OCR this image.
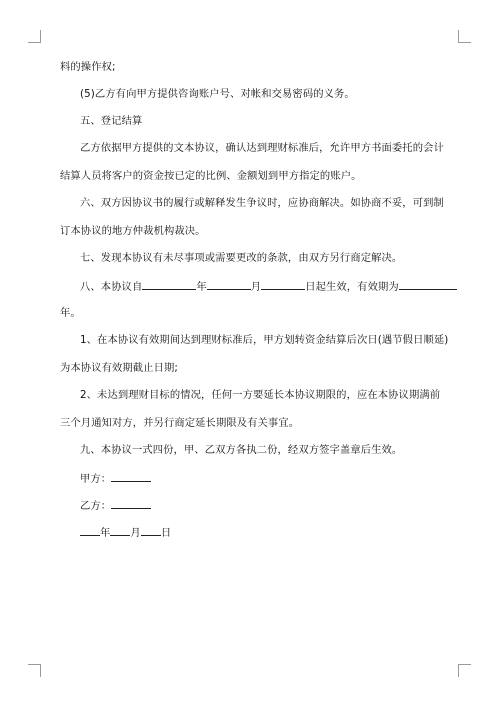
料的操作权;
(5)乙方有向甲方提供咨询账户号、对帐和交易密码的义务。
五、登记结算
乙方依据甲方提供的文本协议，确认达到理财标准后，允许甲方书面委托的会计
结算人员将客户的资金按已定的比例、金额划到甲方指定的账户。
六、双方因协议书的履行或解释发生争议时，应协商解决。如协商不妥，可到制
订本协议的地方仲裁机构裁决。
七、发现本协议有未尽事项或需要更改的条款，由双方另行商定解决。
八、本协议自	年	月	日起生效，有效期为
年。
1、在本协议有效期间达到理财标准后，甲方划转资金结算后次日(遇节假日顺延)
为本协议有效期截止日期;
2、未达到理财目标的情况，任何一方要延长本协议期限的，应在本协议期满前
三个月通知对方，并另行商定延长期限及有关事宜。
九、本协议一式四份，甲、乙双方各执二份，经双方签字盖章后生效。
甲方：
乙方：
年 月 日
